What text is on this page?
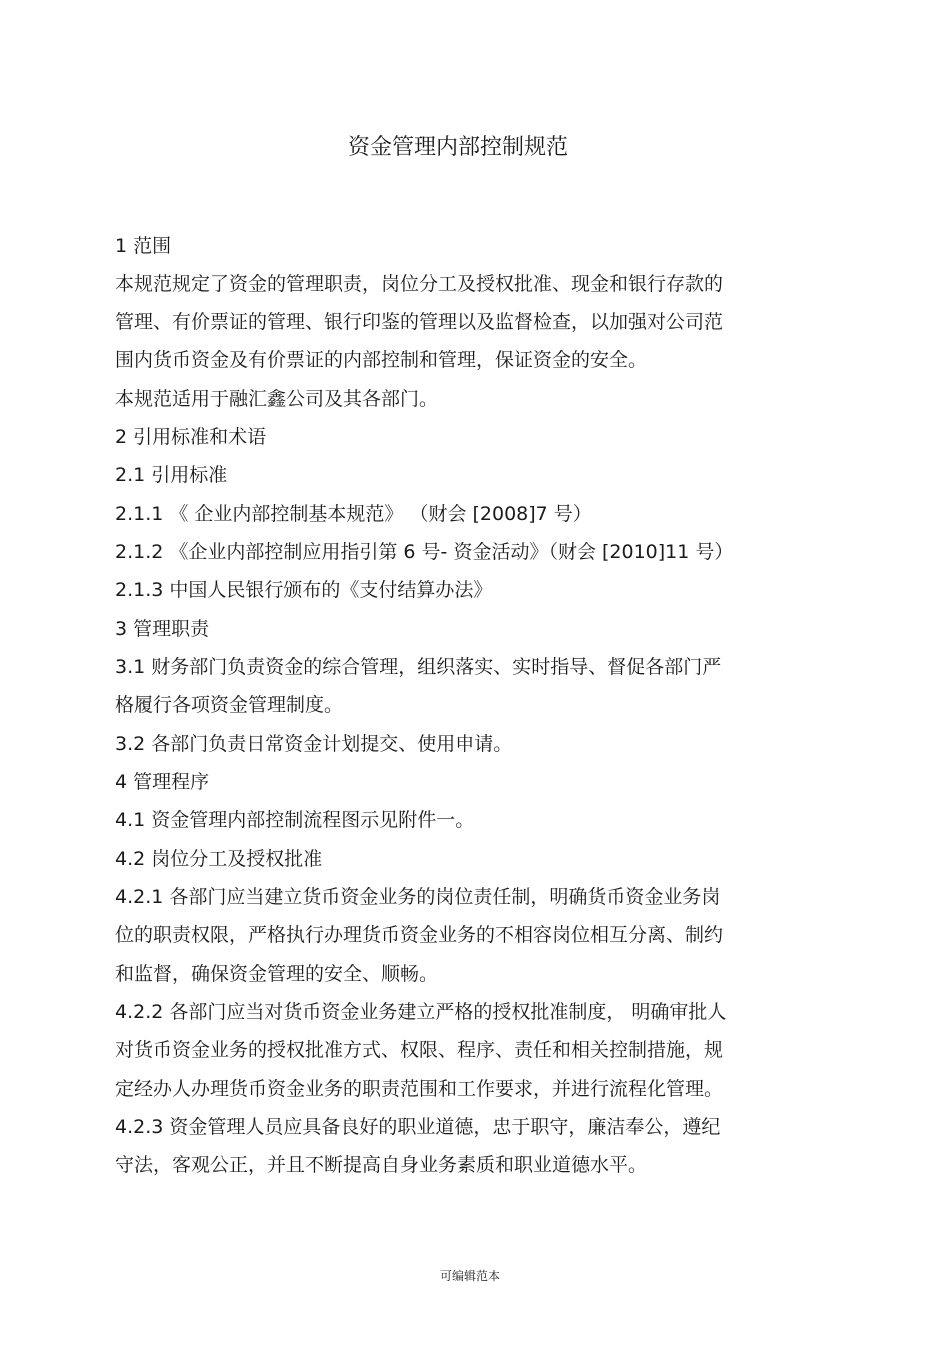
资金管理内部控制规范
1 范围
本规范规定了资金的管理职责，岗位分工及授权批准、现金和银行存款的
管理、有价票证的管理、银行印鉴的管理以及监督检查，以加强对公司范
围内货币资金及有价票证的内部控制和管理，保证资金的安全。
本规范适用于融汇鑫公司及其各部门。
2 引用标准和术语
2.1 引用标准
2.1.1 《 企业内部控制基本规范》 （财会 [2008]7 号）
2.1.2 《企业内部控制应用指引第 6 号- 资金活动》（财会 [2010]11 号）
2.1.3 中国人民银行颁布的《支付结算办法》
3 管理职责
3.1 财务部门负责资金的综合管理，组织落实、实时指导、督促各部门严
格履行各项资金管理制度。
3.2 各部门负责日常资金计划提交、使用申请。
4 管理程序
4.1 资金管理内部控制流程图示见附件一。
4.2 岗位分工及授权批准
4.2.1 各部门应当建立货币资金业务的岗位责任制，明确货币资金业务岗
位的职责权限，严格执行办理货币资金业务的不相容岗位相互分离、制约
和监督，确保资金管理的安全、顺畅。
4.2.2 各部门应当对货币资金业务建立严格的授权批准制度， 明确审批人
对货币资金业务的授权批准方式、权限、程序、责任和相关控制措施，规
定经办人办理货币资金业务的职责范围和工作要求，并进行流程化管理。
4.2.3 资金管理人员应具备良好的职业道德，忠于职守，廉洁奉公，遵纪
守法，客观公正，并且不断提高自身业务素质和职业道德水平。
可编辑范本
